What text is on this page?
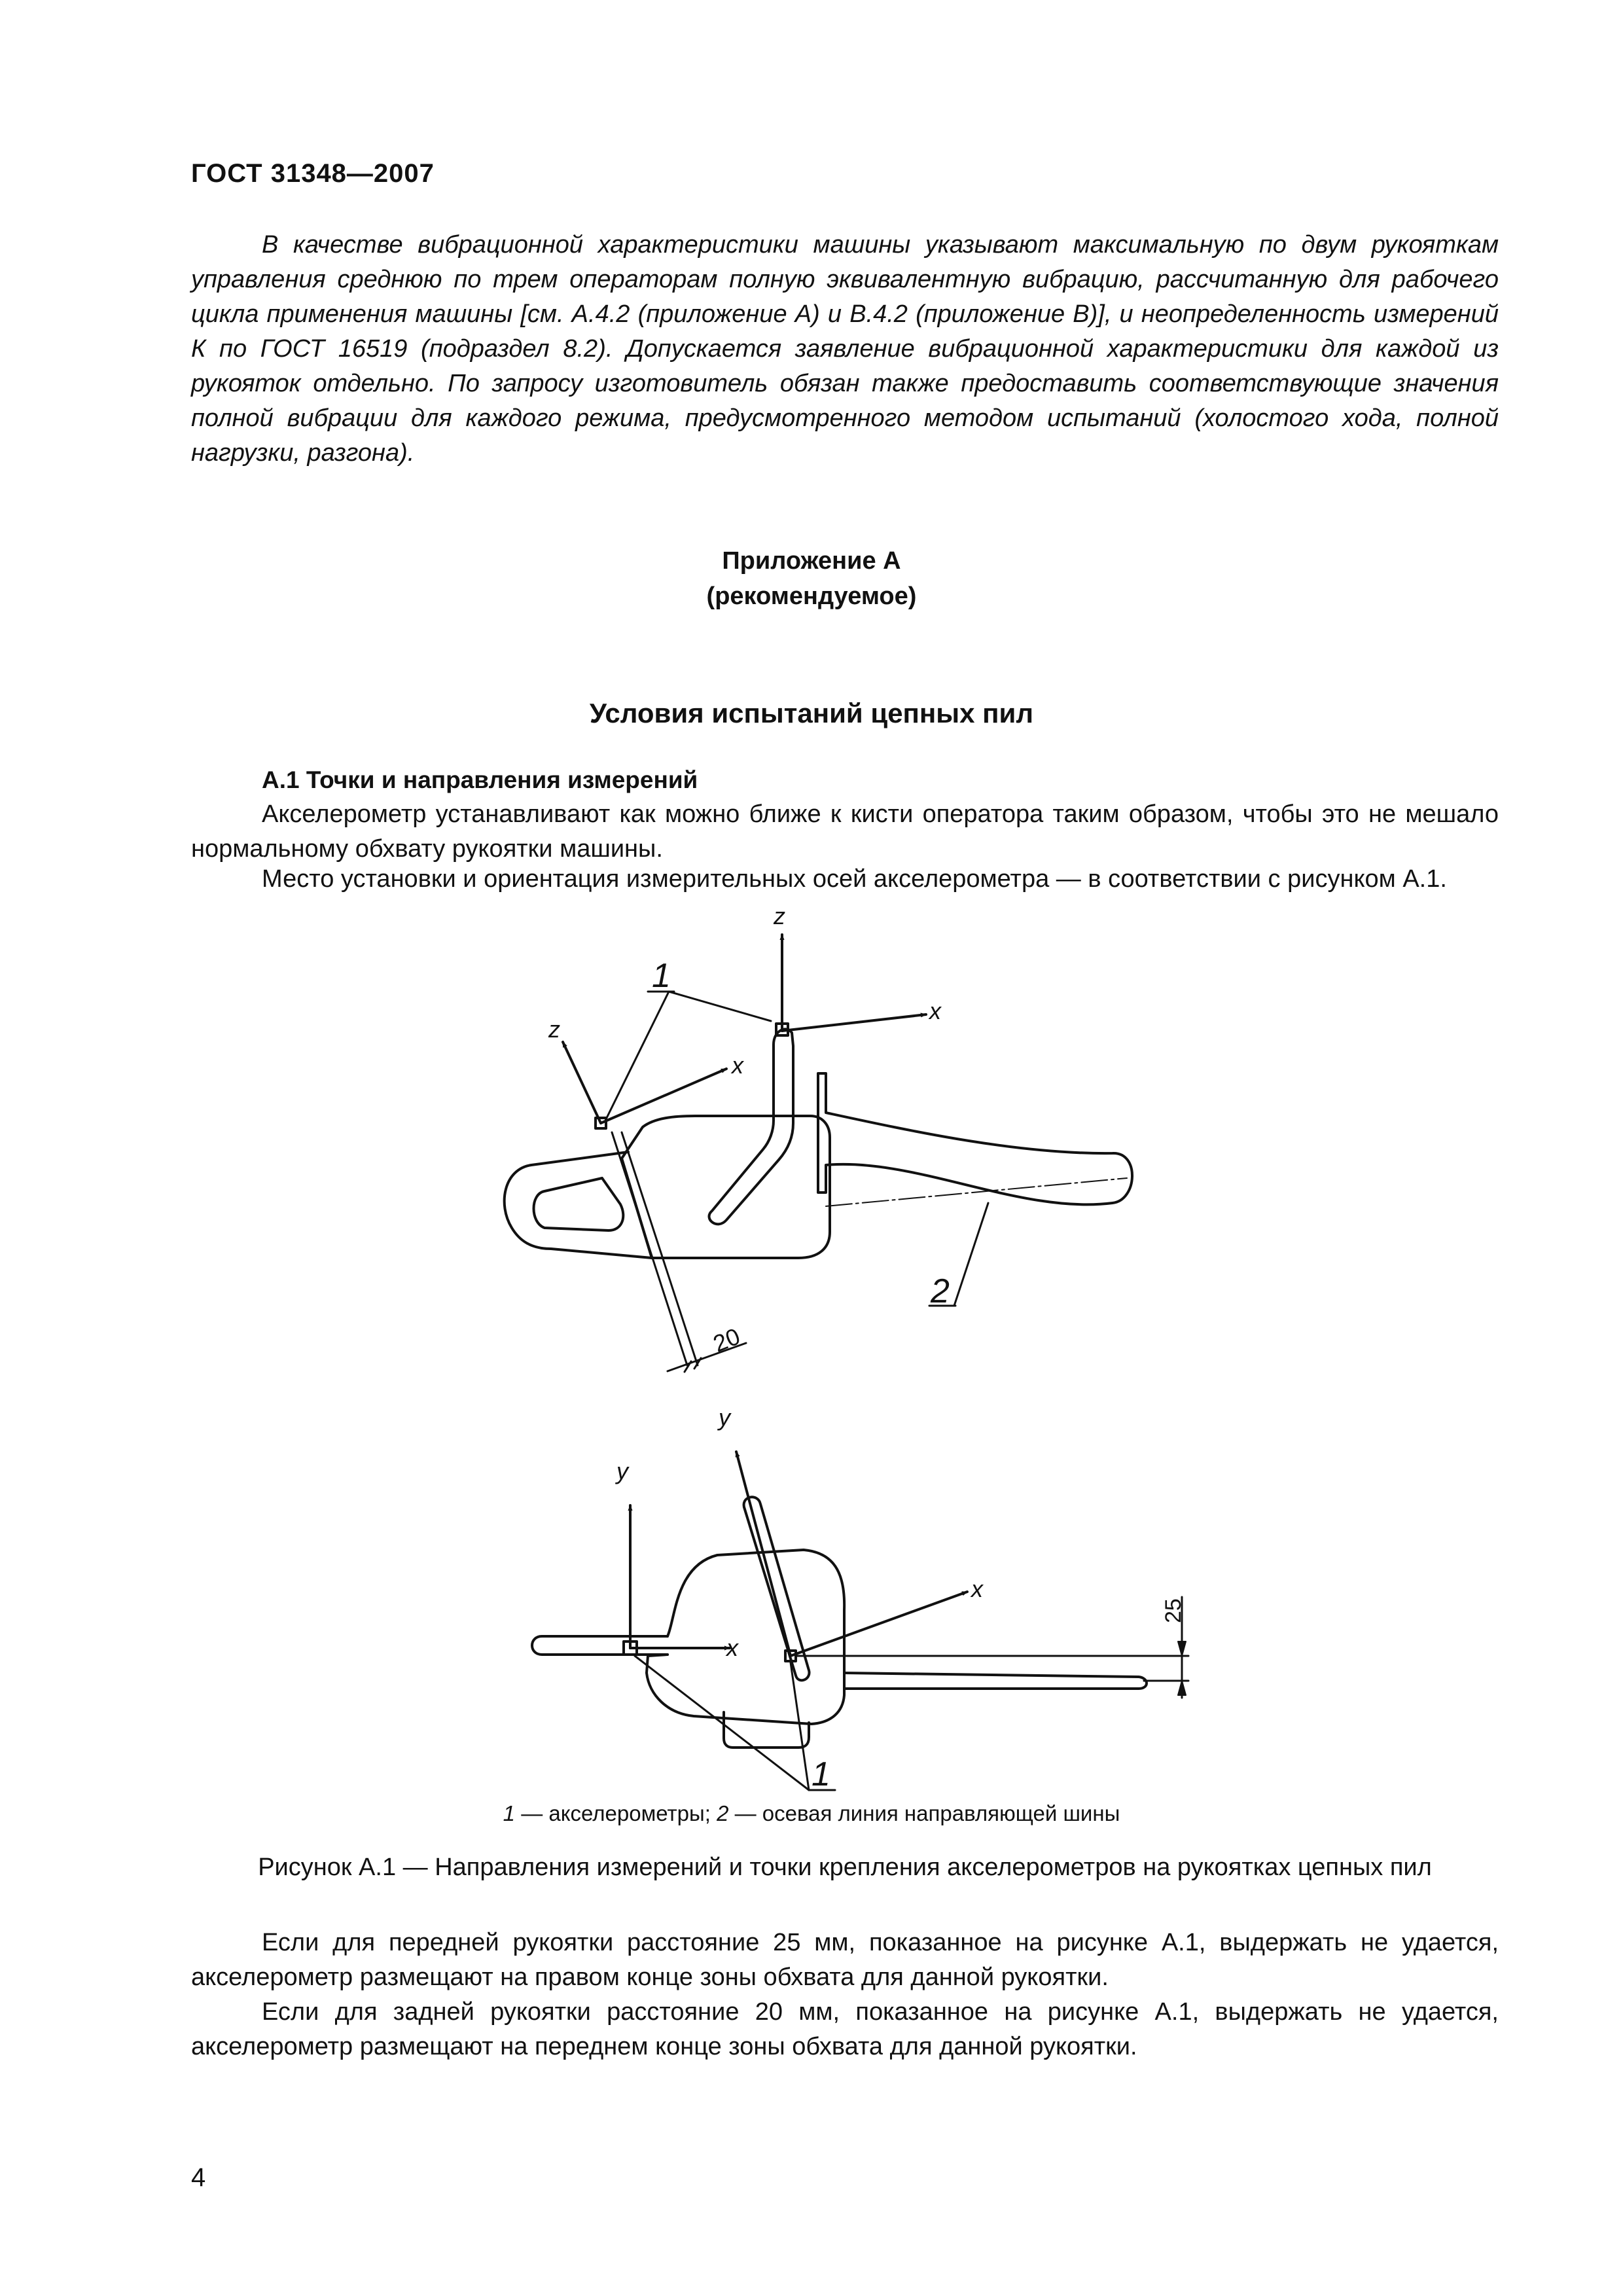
ГОСТ 31348—2007
В качестве вибрационной характеристики машины указывают максимальную по двум рукояткам управления среднюю по трем операторам полную эквивалентную вибрацию, рассчитанную для рабочего цикла применения машины [см. А.4.2 (приложение А) и В.4.2 (приложение В)], и неопределенность измерений К по ГОСТ 16519 (подраздел 8.2). Допускается заявление вибрационной характеристики для каждой из рукояток отдельно. По запросу изготовитель обязан также предоставить соответствующие значения полной вибрации для каждого режима, предусмотренного методом испытаний (холостого хода, полной нагрузки, разгона).
Приложение А
(рекомендуемое)
Условия испытаний цепных пил
А.1 Точки и направления измерений
Акселерометр устанавливают как можно ближе к кисти оператора таким образом, чтобы это не мешало нормальному обхвату рукоятки машины.
Место установки и ориентация измерительных осей акселерометра — в соответствии с рисунком А.1.
z
x
z
x
y
x
y
x
1
2
1
20
25
1 — акселерометры; 2 — осевая линия направляющей шины
Рисунок А.1 — Направления измерений и точки крепления акселерометров на рукоятках цепных пил
Если для передней рукоятки расстояние 25 мм, показанное на рисунке А.1, выдержать не удается, акселерометр размещают на правом конце зоны обхвата для данной рукоятки.
Если для задней рукоятки расстояние 20 мм, показанное на рисунке А.1, выдержать не удается, акселерометр размещают на переднем конце зоны обхвата для данной рукоятки.
4
